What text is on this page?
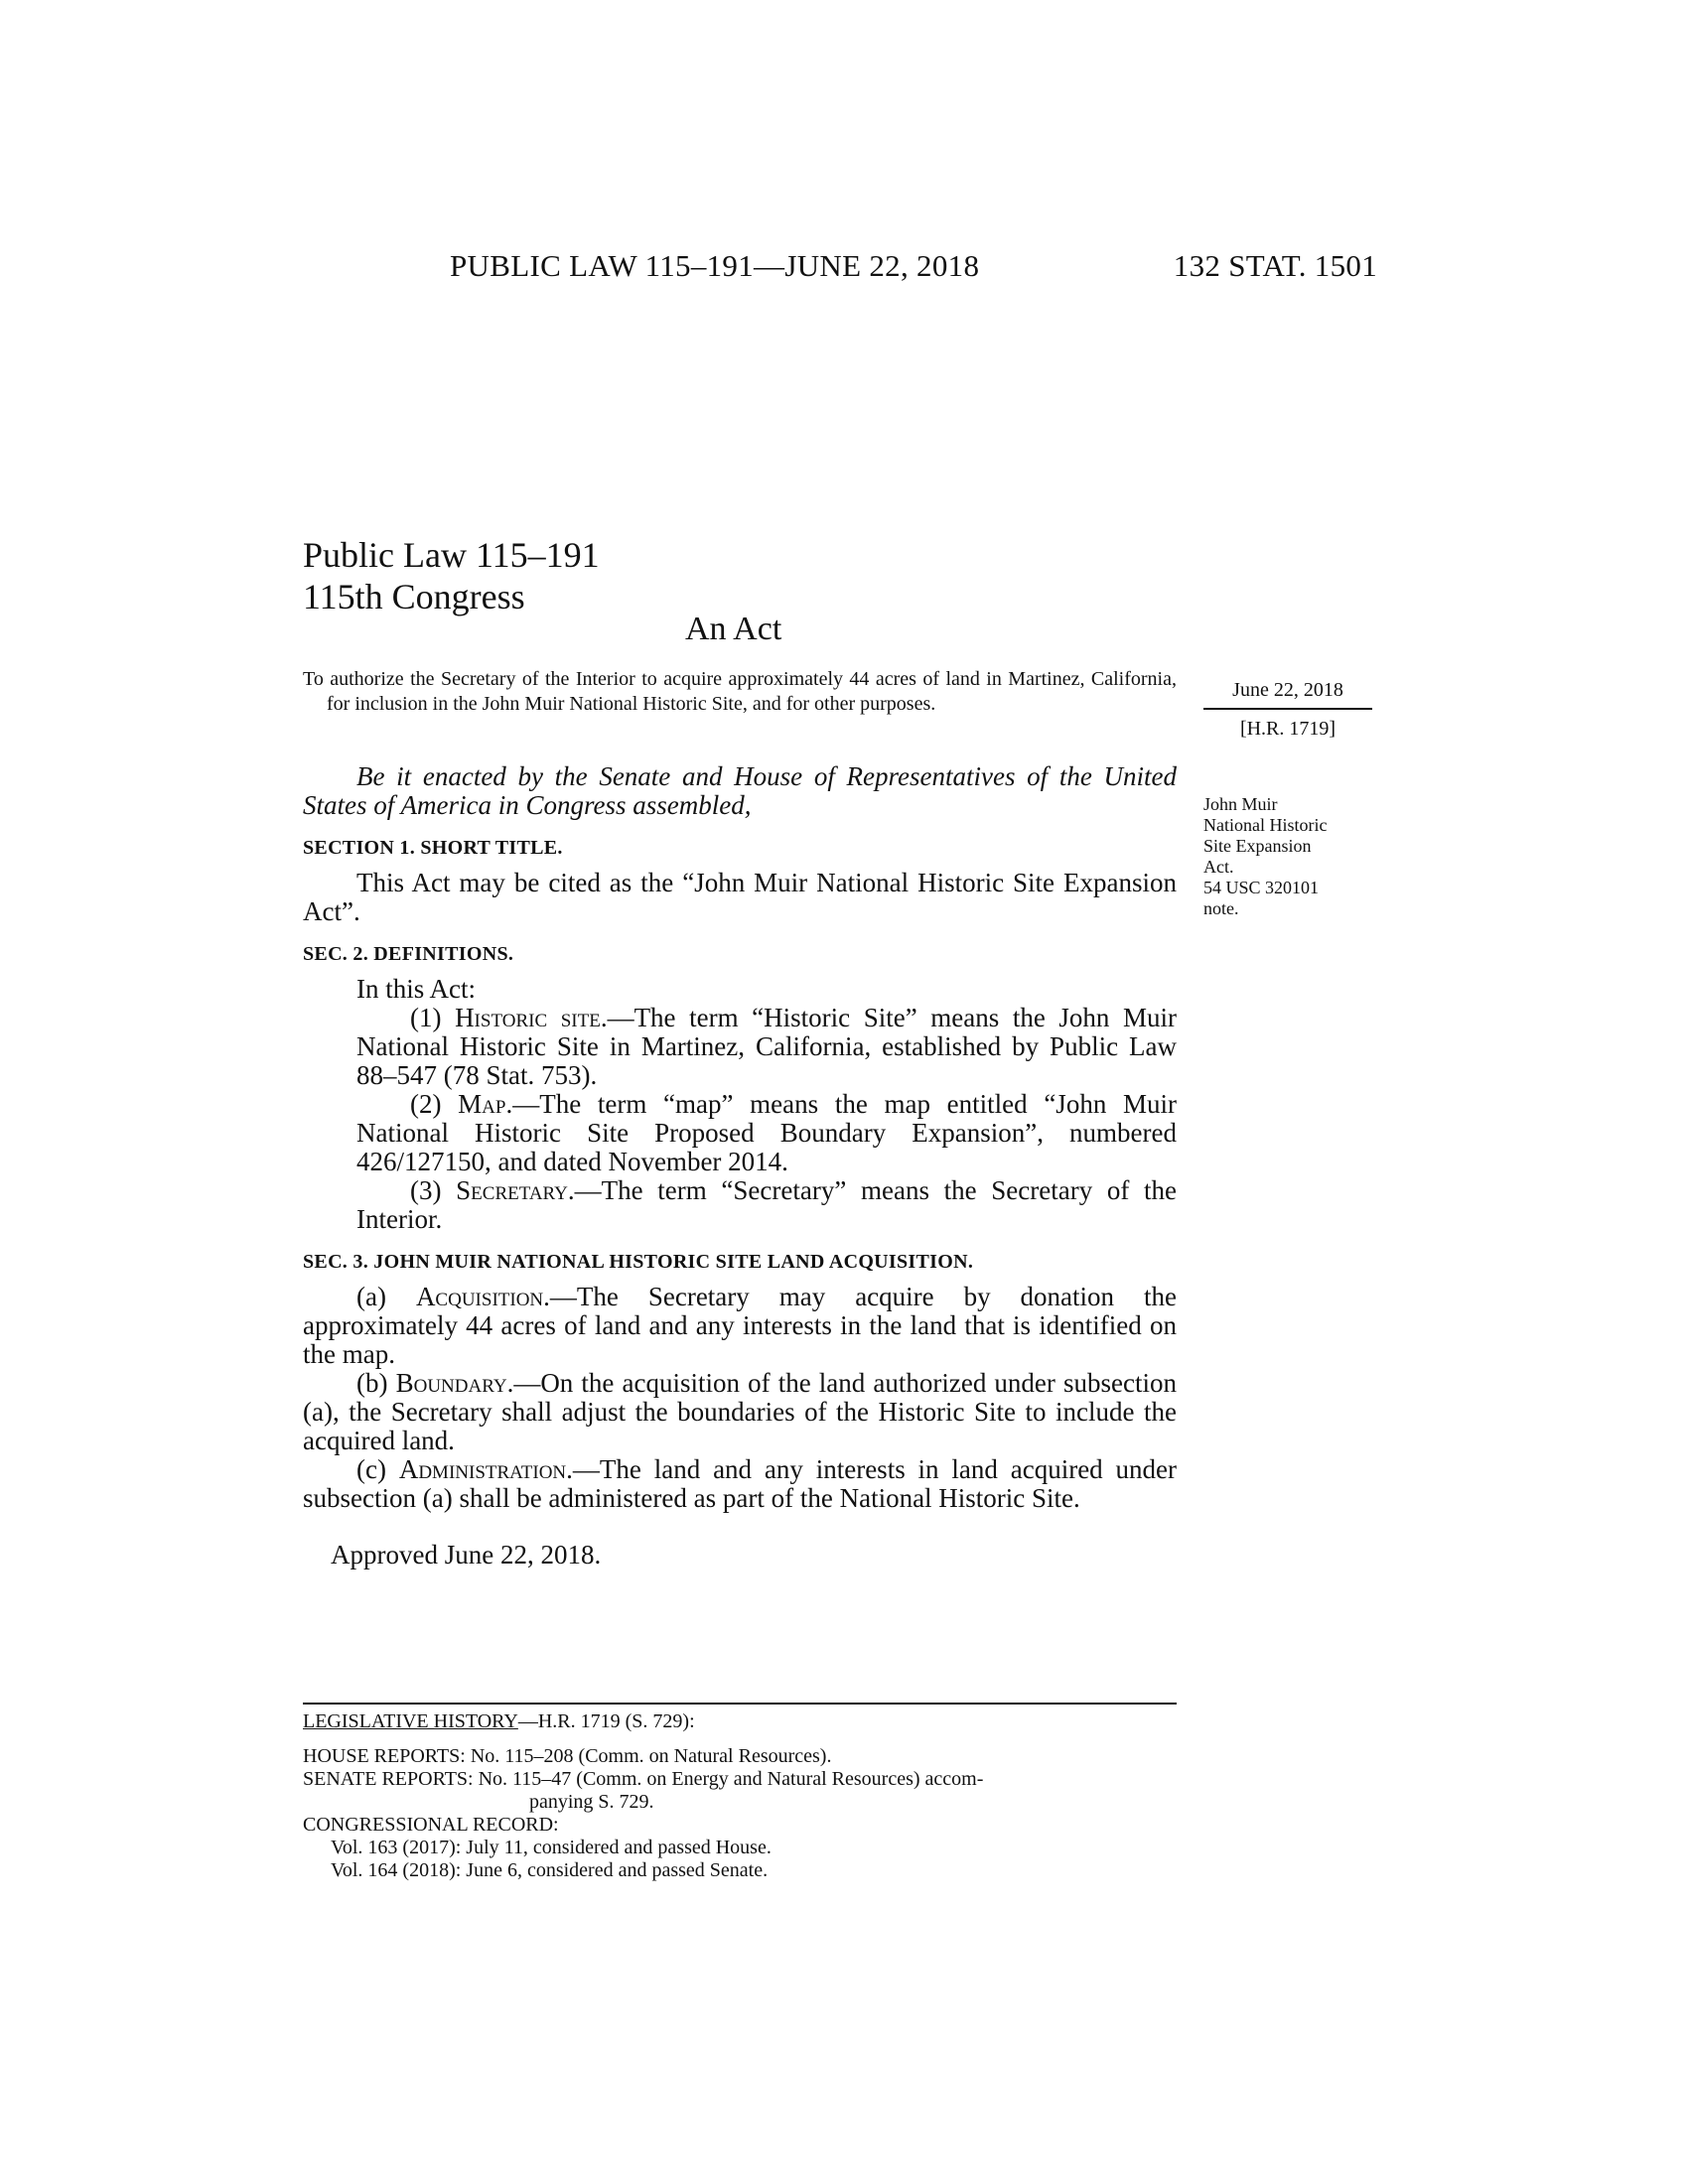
PUBLIC LAW 115–191—JUNE 22, 2018	132 STAT. 1501
Public Law 115–191
115th Congress
An Act
To authorize the Secretary of the Interior to acquire approximately 44 acres of land in Martinez, California, for inclusion in the John Muir National Historic Site, and for other purposes.
June 22, 2018
[H.R. 1719]
John Muir
National Historic
Site Expansion
Act.
54 USC 320101
note.

Be it enacted by the Senate and House of Representatives of the United States of America in Congress assembled,

SECTION 1. SHORT TITLE.

This Act may be cited as the “John Muir National Historic Site Expansion Act”.

SEC. 2. DEFINITIONS.

In this Act:

(1) Historic site.—The term “Historic Site” means the John Muir National Historic Site in Martinez, California, established by Public Law 88–547 (78 Stat. 753).

(2) Map.—The term “map” means the map entitled “John Muir National Historic Site Proposed Boundary Expansion”, numbered 426/127150, and dated November 2014.

(3) Secretary.—The term “Secretary” means the Secretary of the Interior.

SEC. 3. JOHN MUIR NATIONAL HISTORIC SITE LAND ACQUISITION.

(a) Acquisition.—The Secretary may acquire by donation the approximately 44 acres of land and any interests in the land that is identified on the map.

(b) Boundary.—On the acquisition of the land authorized under subsection (a), the Secretary shall adjust the boundaries of the Historic Site to include the acquired land.

(c) Administration.—The land and any interests in land acquired under subsection (a) shall be administered as part of the National Historic Site.

Approved June 22, 2018.

LEGISLATIVE HISTORY—H.R. 1719 (S. 729):

HOUSE REPORTS: No. 115–208 (Comm. on Natural Resources).

SENATE REPORTS: No. 115–47 (Comm. on Energy and Natural Resources) accom-

panying S. 729.

CONGRESSIONAL RECORD:

Vol. 163 (2017): July 11, considered and passed House.

Vol. 164 (2018): June 6, considered and passed Senate.
